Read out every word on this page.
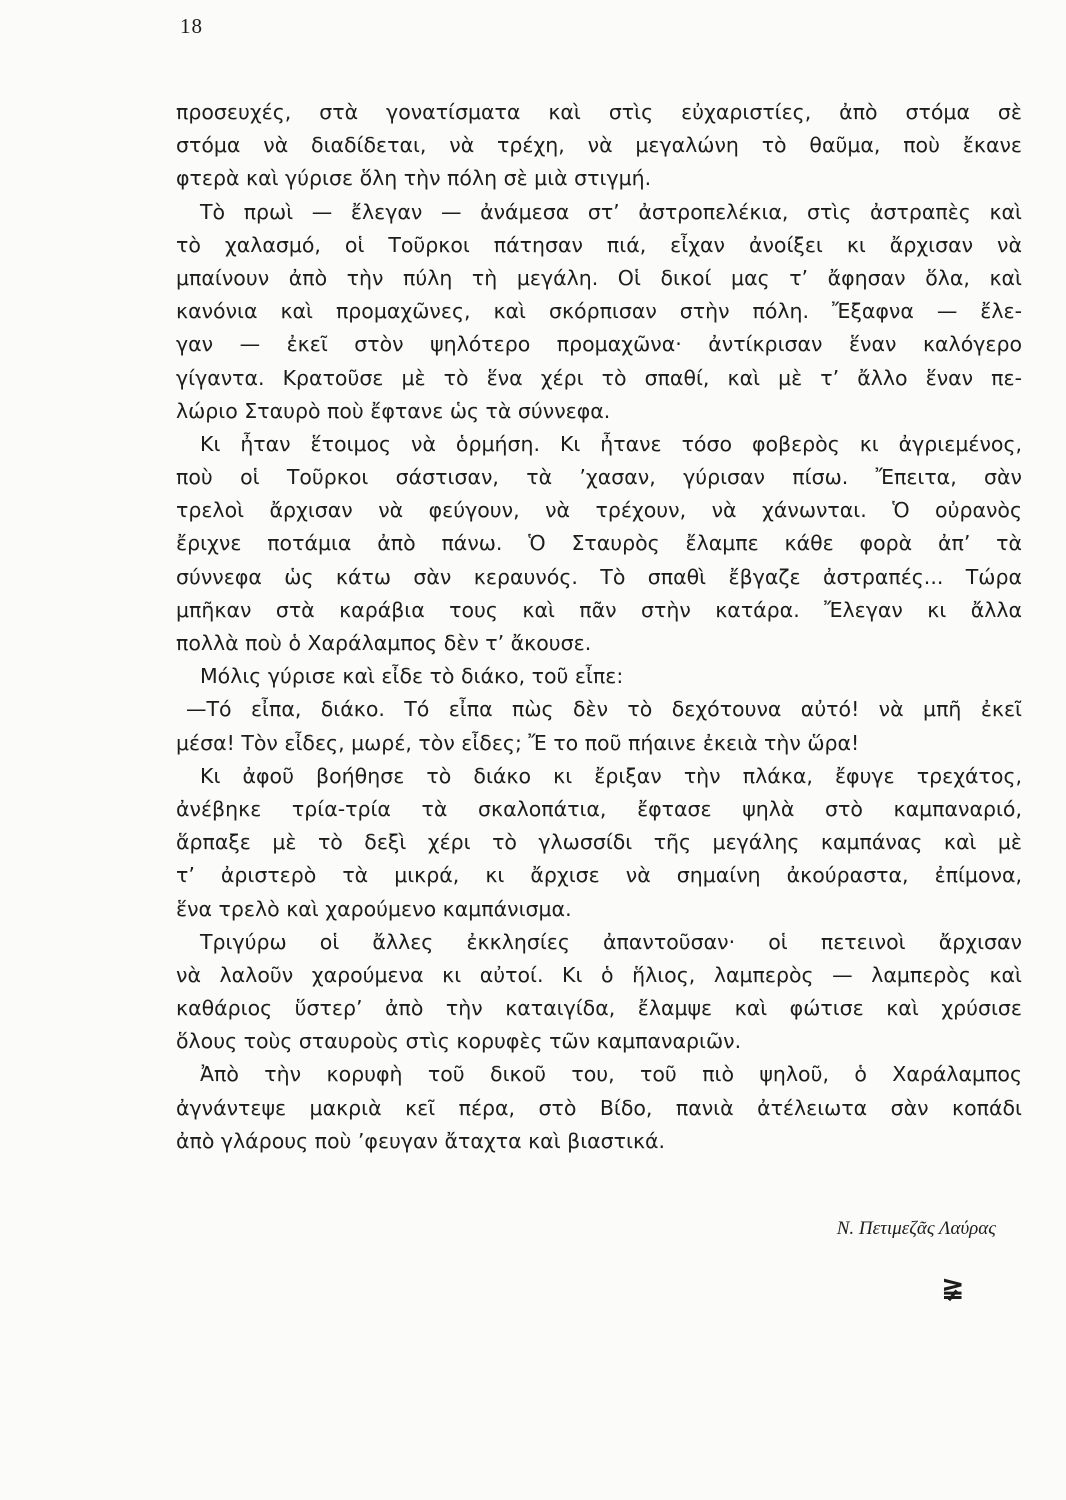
18
προσευχές, στὰ γονατίσματα καὶ στὶς εὐχαριστίες, ἀπὸ στόμα σὲ
στόμα νὰ διαδίδεται, νὰ τρέχη, νὰ μεγαλώνη τὸ θαῦμα, ποὺ ἔκανε
φτερὰ καὶ γύρισε ὅλη τὴν πόλη σὲ μιὰ στιγμή.
Τὸ πρωὶ — ἔλεγαν — ἀνάμεσα στ’ ἀστροπελέκια, στὶς ἀστραπὲς καὶ
τὸ χαλασμό, οἱ Τοῦρκοι πάτησαν πιά, εἶχαν ἀνοίξει κι ἄρχισαν νὰ
μπαίνουν ἀπὸ τὴν πύλη τὴ μεγάλη. Οἱ δικοί μας τ’ ἄφησαν ὅλα, καὶ
κανόνια καὶ προμαχῶνες, καὶ σκόρπισαν στὴν πόλη. Ἔξαφνα — ἔλε-
γαν — ἐκεῖ στὸν ψηλότερο προμαχῶνα· ἀντίκρισαν ἕναν καλόγερο
γίγαντα. Κρατοῦσε μὲ τὸ ἕνα χέρι τὸ σπαθί, καὶ μὲ τ’ ἄλλο ἕναν πε-
λώριο Σταυρὸ ποὺ ἔφτανε ὡς τὰ σύννεφα.
Κι ἦταν ἕτοιμος νὰ ὁρμήση. Κι ἦτανε τόσο φοβερὸς κι ἀγριεμένος,
ποὺ οἱ Τοῦρκοι σάστισαν, τὰ ’χασαν, γύρισαν πίσω. Ἔπειτα, σὰν
τρελοὶ ἄρχισαν νὰ φεύγουν, νὰ τρέχουν, νὰ χάνωνται. Ὁ οὐρανὸς
ἔριχνε ποτάμια ἀπὸ πάνω. Ὁ Σταυρὸς ἔλαμπε κάθε φορὰ ἀπ’ τὰ
σύννεφα ὡς κάτω σὰν κεραυνός. Τὸ σπαθὶ ἔβγαζε ἀστραπές... Τώρα
μπῆκαν στὰ καράβια τους καὶ πᾶν στὴν κατάρα. Ἔλεγαν κι ἄλλα
πολλὰ ποὺ ὁ Χαράλαμπος δὲν τ’ ἄκουσε.
Μόλις γύρισε καὶ εἶδε τὸ διάκο, τοῦ εἶπε:
—Τό εἶπα, διάκο. Τό εἶπα πὼς δὲν τὸ δεχότουνα αὐτό! νὰ μπῆ ἐκεῖ
μέσα! Τὸν εἶδες, μωρέ, τὸν εἶδες; Ἔ το ποῦ πήαινε ἐκειὰ τὴν ὥρα!
Κι ἀφοῦ βοήθησε τὸ διάκο κι ἔριξαν τὴν πλάκα, ἔφυγε τρεχάτος,
ἀνέβηκε τρία-τρία τὰ σκαλοπάτια, ἔφτασε ψηλὰ στὸ καμπαναριό,
ἅρπαξε μὲ τὸ δεξὶ χέρι τὸ γλωσσίδι τῆς μεγάλης καμπάνας καὶ μὲ
τ’ ἀριστερὸ τὰ μικρά, κι ἄρχισε νὰ σημαίνη ἀκούραστα, ἐπίμονα,
ἕνα τρελὸ καὶ χαρούμενο καμπάνισμα.
Τριγύρω οἱ ἄλλες ἐκκλησίες ἀπαντοῦσαν· οἱ πετεινοὶ ἄρχισαν
νὰ λαλοῦν χαρούμενα κι αὐτοί. Κι ὁ ἥλιος, λαμπερὸς — λαμπερὸς καὶ
καθάριος ὕστερ’ ἀπὸ τὴν καταιγίδα, ἔλαμψε καὶ φώτισε καὶ χρύσισε
ὅλους τοὺς σταυροὺς στὶς κορυφὲς τῶν καμπαναριῶν.
Ἀπὸ τὴν κορυφὴ τοῦ δικοῦ του, τοῦ πιὸ ψηλοῦ, ὁ Χαράλαμπος
ἀγνάντεψε μακριὰ κεῖ πέρα, στὸ Βίδο, πανιὰ ἀτέλειωτα σὰν κοπάδι
ἀπὸ γλάρους ποὺ ’φευγαν ἄταχτα καὶ βιαστικά.
Ν. Πετιμεζᾶς Λαύρας
≩
